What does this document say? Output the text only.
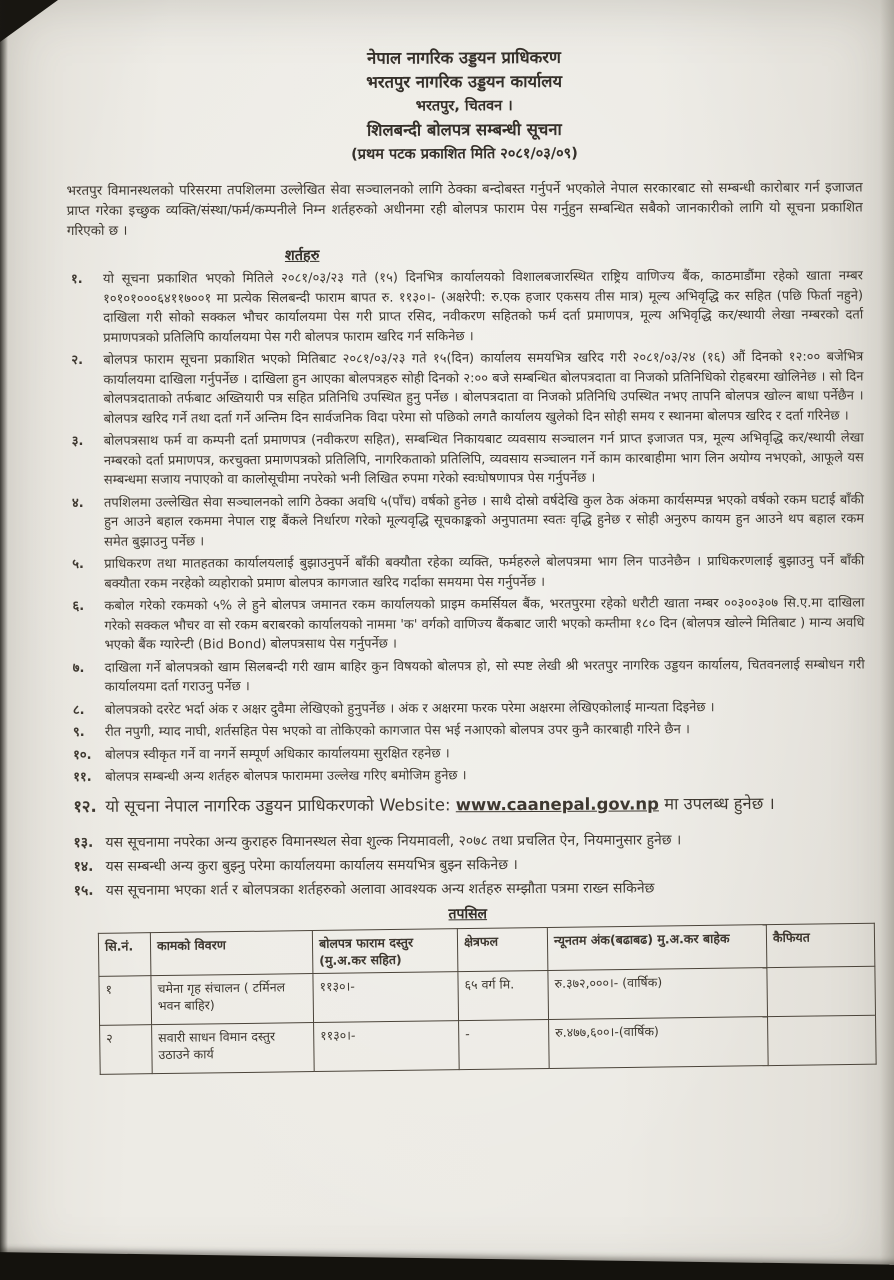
नेपाल नागरिक उड्डयन प्राधिकरण
भरतपुर नागरिक उड्डयन कार्यालय
भरतपुर, चितवन ।
शिलबन्दी बोलपत्र सम्बन्धी सूचना
(प्रथम पटक प्रकाशित मिति २०८१/०३/०९)

भरतपुर विमानस्थलको परिसरमा तपशिलमा उल्लेखित सेवा सञ्चालनको लागि ठेक्का बन्दोबस्त गर्नुपर्ने भएकोले नेपाल सरकारबाट सो सम्बन्धी कारोबार गर्न इजाजत प्राप्त गरेका इच्छुक व्यक्ति/संस्था/फर्म/कम्पनीले निम्न शर्तहरुको अधीनमा रही बोलपत्र फाराम पेस गर्नुहुन सम्बन्धित सबैको जानकारीको लागि यो सूचना प्रकाशित गरिएको छ ।

शर्तहरु
१.	यो सूचना प्रकाशित भएको मितिले २०८१/०३/२३ गते (१५) दिनभित्र कार्यालयको विशालबजारस्थित राष्ट्रिय वाणिज्य बैंक, काठमाडौंमा रहेको खाता नम्बर १०१०१०००६४११७००१ मा प्रत्येक सिलबन्दी फाराम बापत रु. ११३०।- (अक्षरेपी: रु.एक हजार एकसय तीस मात्र) मूल्य अभिवृद्धि कर सहित (पछि फिर्ता नहुने) दाखिला गरी सोको सक्कल भौचर कार्यालयमा पेस गरी प्राप्त रसिद, नवीकरण सहितको फर्म दर्ता प्रमाणपत्र, मूल्य अभिवृद्धि कर/स्थायी लेखा नम्बरको दर्ता प्रमाणपत्रको प्रतिलिपि कार्यालयमा पेस गरी बोलपत्र फाराम खरिद गर्न सकिनेछ ।
२.	बोलपत्र फाराम सूचना प्रकाशित भएको मितिबाट २०८१/०३/२३ गते १५(दिन) कार्यालय समयभित्र खरिद गरी २०८१/०३/२४ (१६) औं दिनको १२:०० बजेभित्र कार्यालयमा दाखिला गर्नुपर्नेछ । दाखिला हुन आएका बोलपत्रहरु सोही दिनको २:०० बजे सम्बन्धित बोलपत्रदाता वा निजको प्रतिनिधिको रोहबरमा खोलिनेछ । सो दिन बोलपत्रदाताको तर्फबाट अख्तियारी पत्र सहित प्रतिनिधि उपस्थित हुनु पर्नेछ । बोलपत्रदाता वा निजको प्रतिनिधि उपस्थित नभए तापनि बोलपत्र खोल्न बाधा पर्नेछैन । बोलपत्र खरिद गर्ने तथा दर्ता गर्ने अन्तिम दिन सार्वजनिक विदा परेमा सो पछिको लगतै कार्यालय खुलेको दिन सोही समय र स्थानमा बोलपत्र खरिद र दर्ता गरिनेछ ।
३.	बोलपत्रसाथ फर्म वा कम्पनी दर्ता प्रमाणपत्र (नवीकरण सहित), सम्बन्धित निकायबाट व्यवसाय सञ्चालन गर्न प्राप्त इजाजत पत्र, मूल्य अभिवृद्धि कर/स्थायी लेखा नम्बरको दर्ता प्रमाणपत्र, करचुक्ता प्रमाणपत्रको प्रतिलिपि, नागरिकताको प्रतिलिपि, व्यवसाय सञ्चालन गर्ने काम कारबाहीमा भाग लिन अयोग्य नभएको, आफूले यस सम्बन्धमा सजाय नपाएको वा कालोसूचीमा नपरेको भनी लिखित रुपमा गरेको स्वःघोषणापत्र पेस गर्नुपर्नेछ ।
४.	तपशिलमा उल्लेखित सेवा सञ्चालनको लागि ठेक्का अवधि ५(पाँच) वर्षको हुनेछ । साथै दोस्रो वर्षदेखि कुल ठेक अंकमा कार्यसम्पन्न भएको वर्षको रकम घटाई बाँकी हुन आउने बहाल रकममा नेपाल राष्ट्र बैंकले निर्धारण गरेको मूल्यवृद्धि सूचकाङ्कको अनुपातमा स्वतः वृद्धि हुनेछ र सोही अनुरुप कायम हुन आउने थप बहाल रकम समेत बुझाउनु पर्नेछ ।
५.	प्राधिकरण तथा मातहतका कार्यालयलाई बुझाउनुपर्ने बाँकी बक्यौता रहेका व्यक्ति, फर्महरुले बोलपत्रमा भाग लिन पाउनेछैन । प्राधिकरणलाई बुझाउनु पर्ने बाँकी बक्यौता रकम नरहेको व्यहोराको प्रमाण बोलपत्र कागजात खरिद गर्दाका समयमा पेस गर्नुपर्नेछ ।
६.	कबोल गरेको रकमको ५% ले हुने बोलपत्र जमानत रकम कार्यालयको प्राइम कमर्सियल बैंक, भरतपुरमा रहेको धरौटी खाता नम्बर ००३००३०७ सि.ए.मा दाखिला गरेको सक्कल भौचर वा सो रकम बराबरको कार्यालयको नाममा 'क' वर्गको वाणिज्य बैंकबाट जारी भएको कम्तीमा १८० दिन (बोलपत्र खोल्ने मितिबाट ) मान्य अवधि भएको बैंक ग्यारेन्टी (Bid Bond) बोलपत्रसाथ पेस गर्नुपर्नेछ ।
७.	दाखिला गर्ने बोलपत्रको खाम सिलबन्दी गरी खाम बाहिर कुन विषयको बोलपत्र हो, सो स्पष्ट लेखी श्री भरतपुर नागरिक उड्डयन कार्यालय, चितवनलाई सम्बोधन गरी कार्यालयमा दर्ता गराउनु पर्नेछ ।
८.	बोलपत्रको दररेट भर्दा अंक र अक्षर दुवैमा लेखिएको हुनुपर्नेछ । अंक र अक्षरमा फरक परेमा अक्षरमा लेखिएकोलाई मान्यता दिइनेछ ।
९.	रीत नपुगी, म्याद नाघी, शर्तसहित पेस भएको वा तोकिएको कागजात पेस भई नआएको बोलपत्र उपर कुनै कारबाही गरिने छैन ।
१०.	बोलपत्र स्वीकृत गर्ने वा नगर्ने सम्पूर्ण अधिकार कार्यालयमा सुरक्षित रहनेछ ।
११.	बोलपत्र सम्बन्धी अन्य शर्तहरु बोलपत्र फाराममा उल्लेख गरिए बमोजिम हुनेछ ।
१२. यो सूचना नेपाल नागरिक उड्डयन प्राधिकरणको Website: www.caanepal.gov.np मा उपलब्ध हुनेछ ।
१३. यस सूचनामा नपरेका अन्य कुराहरु विमानस्थल सेवा शुल्क नियमावली, २०७८ तथा प्रचलित ऐन, नियमानुसार हुनेछ ।
१४. यस सम्बन्धी अन्य कुरा बुझ्नु परेमा कार्यालयमा कार्यालय समयभित्र बुझ्न सकिनेछ ।
१५. यस सूचनामा भएका शर्त र बोलपत्रका शर्तहरुको अलावा आवश्यक अन्य शर्तहरु सम्झौता पत्रमा राख्न सकिनेछ
तपसिल
सि.नं.	कामको विवरण	बोलपत्र फाराम दस्तुर (मु.अ.कर सहित)	क्षेत्रफल	न्यूनतम अंक(बढाबढ) मु.अ.कर बाहेक	कैफियत
१	चमेना गृह संचालन ( टर्मिनल भवन बाहिर)	११३०।-	६५ वर्ग मि.	रु.३७२,०००।- (वार्षिक)	
२	सवारी साधन विमान दस्तुर उठाउने कार्य	११३०।-	-	रु.४७७,६००।-(वार्षिक)	
